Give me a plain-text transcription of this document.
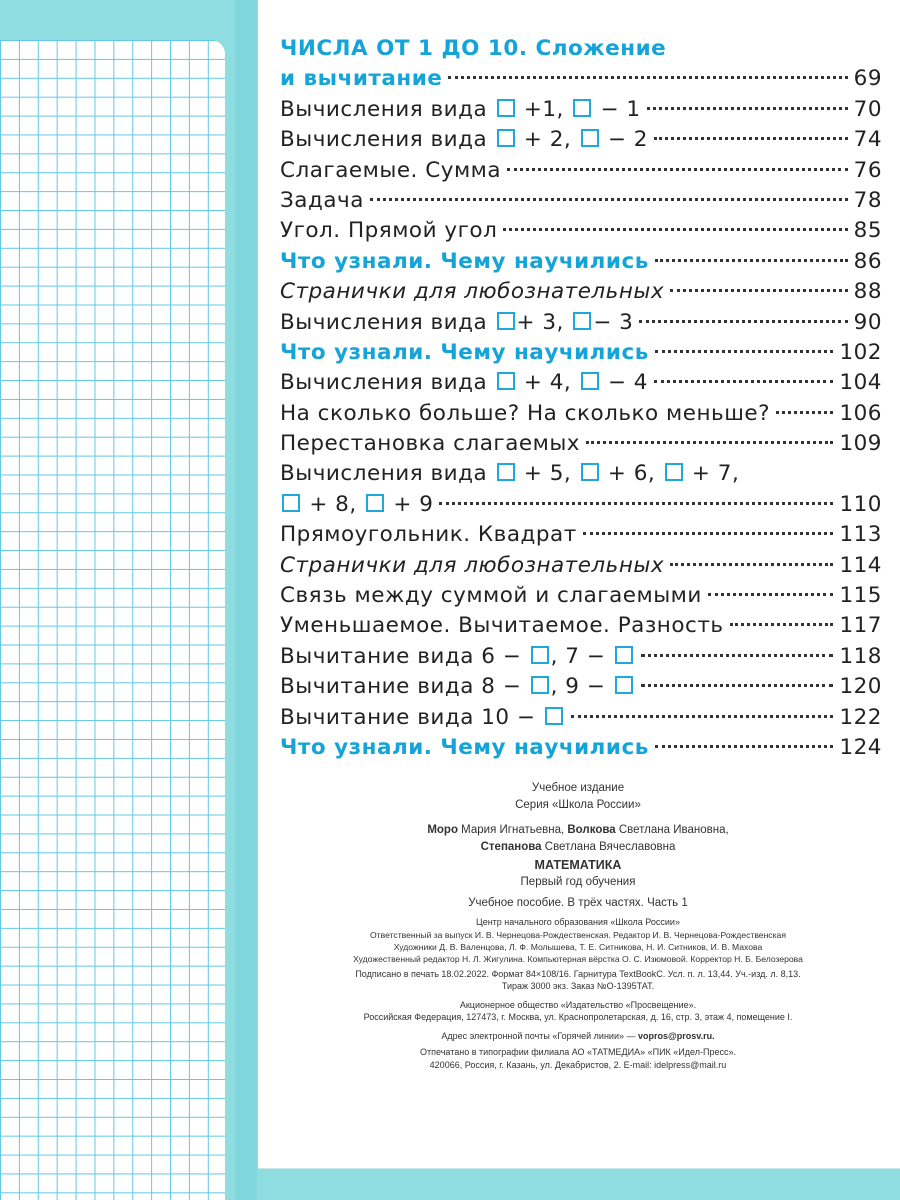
ЧИСЛА ОТ 1 ДО 10. Сложение
и вычитание	69
Вычисления вида  +1,  − 1	70
Вычисления вида  + 2,  − 2	74
Слагаемые. Сумма	76
Задача	78
Угол. Прямой угол	85
Что узнали. Чему научились	86
Странички для любознательных	88
Вычисления вида + 3, − 3	90
Что узнали. Чему научились	102
Вычисления вида  + 4,  − 4	104
На сколько больше? На сколько меньше?	106
Перестановка слагаемых	109
Вычисления вида  + 5,  + 6,  + 7,
+ 8,  + 9	110
Прямоугольник. Квадрат	113
Странички для любознательных	114
Связь между суммой и слагаемыми	115
Уменьшаемое. Вычитаемое. Разность	117
Вычитание вида 6 − , 7 −	118
Вычитание вида 8 − , 9 −	120
Вычитание вида 10 −	122
Что узнали. Чему научились	124
Учебное издание
Серия «Школа России»
Моро Мария Игнатьевна, Волкова Светлана Ивановна,
Степанова Светлана Вячеславовна
МАТЕМАТИКА
Первый год обучения
Учебное пособие. В трёх частях. Часть 1
Центр начального образования «Школа России»
Ответственный за выпуск И. В. Чернецова-Рождественская. Редактор И. В. Чернецова-Рождественская
Художники Д. В. Валенцова, Л. Ф. Молышева, Т. Е. Ситникова, Н. И. Ситников, И. В. Махова
Художественный редактор Н. Л. Жигулина. Компьютерная вёрстка О. С. Изюмовой. Корректор Н. Б. Белозерова
Подписано в печать 18.02.2022. Формат 84×108/16. Гарнитура TextBookC. Усл. п. л. 13,44. Уч.-изд. л. 8,13.
Тираж 3000 экз. Заказ №О-1395ТАТ.
Акционерное общество «Издательство «Просвещение».
Российская Федерация, 127473, г. Москва, ул. Краснопролетарская, д. 16, стр. 3, этаж 4, помещение I.
Адрес электронной почты «Горячей линии» — vopros@prosv.ru.
Отпечатано в типографии филиала АО «ТАТМЕДИА» «ПИК «Идел-Пресс».
420066, Россия, г. Казань, ул. Декабристов, 2. E-mail: idelpress@mail.ru
